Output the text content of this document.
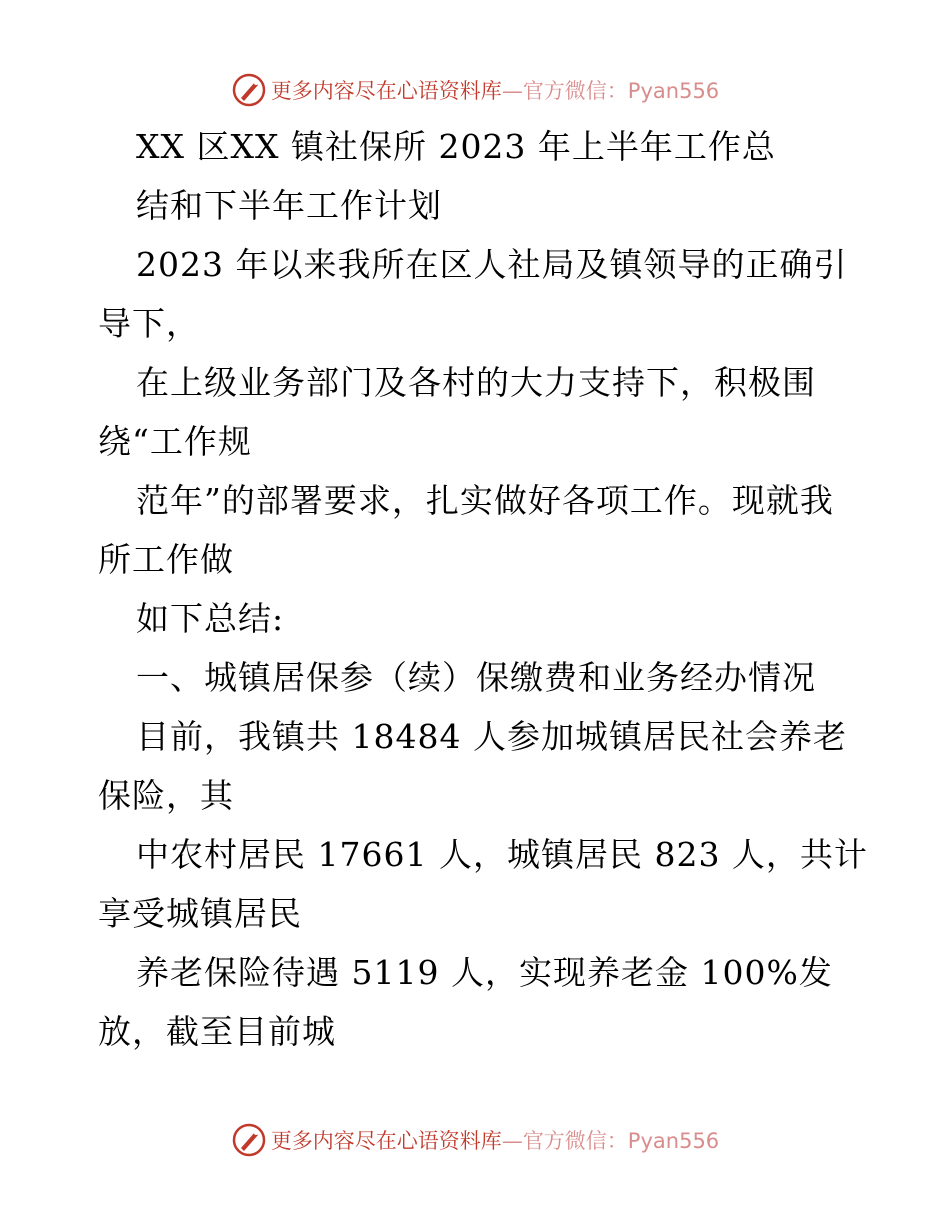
更多内容尽在心语资料库—官方微信：Pyan556
XX 区XX 镇社保所 2023 年上半年工作总
结和下半年工作计划
2023 年以来我所在区人社局及镇领导的正确引
导下，
在上级业务部门及各村的大力支持下，积极围
绕“工作规
范年”的部署要求，扎实做好各项工作。现就我
所工作做
如下总结:
一、城镇居保参（续）保缴费和业务经办情况
目前，我镇共 18484 人参加城镇居民社会养老
保险，其
中农村居民 17661 人，城镇居民 823 人，共计
享受城镇居民
养老保险待遇 5119 人，实现养老金 100%发
放，截至目前城
更多内容尽在心语资料库—官方微信：Pyan556
